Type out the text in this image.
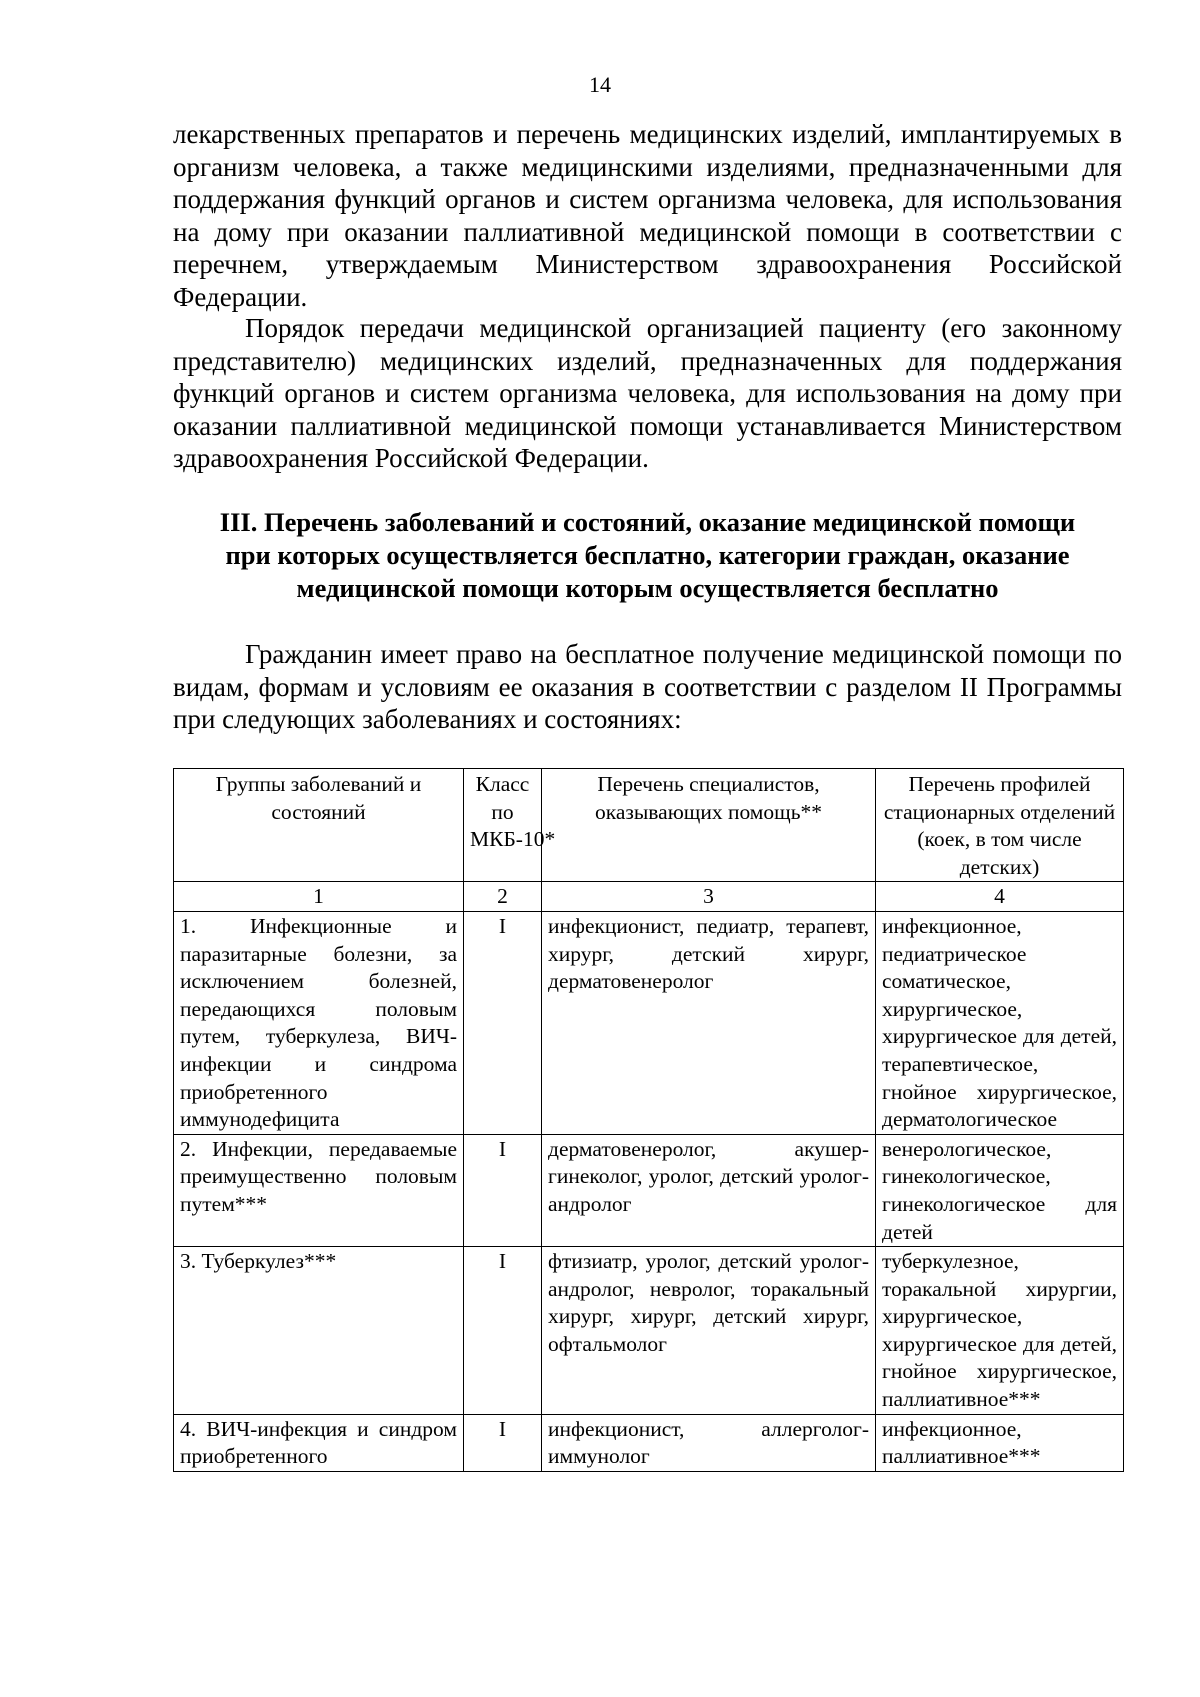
14
лекарственных препаратов и перечень медицинских изделий, имплантируемых в организм человека, а также медицинскими изделиями, предназначенными для поддержания функций органов и систем организма человека, для использования на дому при оказании паллиативной медицинской помощи в соответствии с перечнем, утверждаемым Министерством здравоохранения Российской Федерации.
Порядок передачи медицинской организацией пациенту (его законному представителю) медицинских изделий, предназначенных для поддержания функций органов и систем организма человека, для использования на дому при оказании паллиативной медицинской помощи устанавливается Министерством здравоохранения Российской Федерации.
III. Перечень заболеваний и состояний, оказание медицинской помощи
при которых осуществляется бесплатно, категории граждан, оказание
медицинской помощи которым осуществляется бесплатно
Гражданин имеет право на бесплатное получение медицинской помощи по видам, формам и условиям ее оказания в соответствии с разделом II Программы при следующих заболеваниях и состояниях:
Группы заболеваний и состояний	Класс по МКБ-10*	Перечень специалистов, оказывающих помощь**	Перечень профилей стационарных отделений (коек, в том числе детских)
1	2	3	4
1. Инфекционные и паразитарные болезни, за исключением болезней, передающихся половым путем, туберкулеза, ВИЧ-инфекции и синдрома приобретенного иммунодефицита	I	инфекционист, педиатр, терапевт, хирург, детский хирург, дерматовенеролог	инфекционное, педиатрическое соматическое, хирургическое, хирургическое для детей, терапевтическое, гнойное хирургическое, дерматологическое
2. Инфекции, передаваемые преимущественно половым путем***	I	дерматовенеролог, акушер-гинеколог, уролог, детский уролог-андролог	венерологическое, гинекологическое, гинекологическое для детей
3. Туберкулез***	I	фтизиатр, уролог, детский уролог-андролог, невролог, торакальный хирург, хирург, детский хирург, офтальмолог	туберкулезное, торакальной хирургии, хирургическое, хирургическое для детей, гнойное хирургическое, паллиативное***
4. ВИЧ-инфекция и синдром приобретенного	I	инфекционист, аллерголог-иммунолог	инфекционное, паллиативное***
